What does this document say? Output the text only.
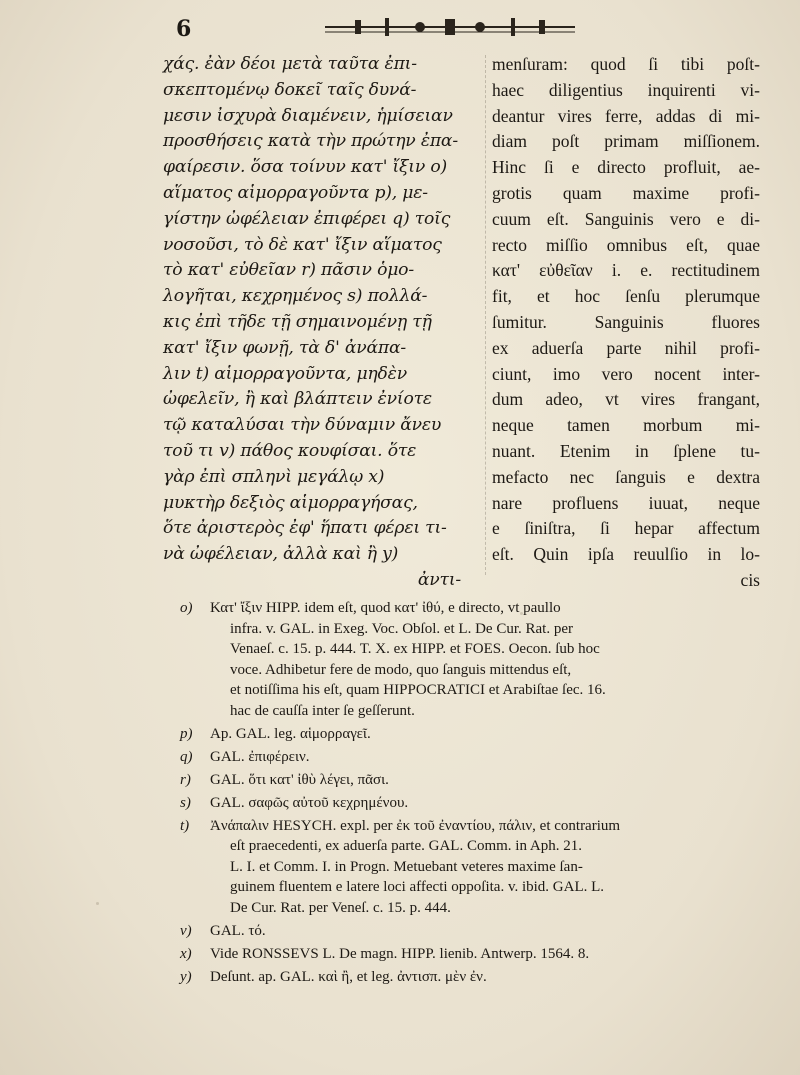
6
χάς. ἐὰν δέοι μετὰ ταῦτα ἐπι-
σκεπτομένῳ δοκεῖ ταῖς δυνά-
μεσιν ἰσχυρὰ διαμένειν, ἡμίσειαν
προσθήσεις κατὰ τὴν πρώτην ἐπα-
φαίρεσιν. ὅσα τοίνυν κατ' ἴξιν ο)
αἵματος αἱμορραγοῦντα p), με-
γίστην ὠφέλειαν ἐπιφέρει q) τοῖς
νοσοῦσι, τὸ δὲ κατ' ἴξιν αἵματος
τὸ κατ' εὐθεῖαν r) πᾶσιν ὁμο-
λογῆται, κεχρημένος s) πολλά-
κις ἐπὶ τῆδε τῇ σημαινομένῃ τῇ
κατ' ἴξιν φωνῇ, τὰ δ' ἀνάπα-
λιν t) αἱμορραγοῦντα, μηδὲν
ὠφελεῖν, ἢ καὶ βλάπτειν ἐνίοτε
τῷ καταλύσαι τὴν δύναμιν ἄνευ
τοῦ τι v) πάθος κουφίσαι. ὅτε
γὰρ ἐπὶ σπληνὶ μεγάλῳ x)
μυκτὴρ δεξιὸς αἱμορραγήσας,
ὅτε ἀριστερὸς ἐφ' ἥπατι φέρει τι-
νὰ ὠφέλειαν, ἀλλὰ καὶ ἢ y)
ἀντι-
menſuram: quod ſi tibi poſt-
haec diligentius inquirenti vi-
deantur vires ferre, addas di mi-
diam poſt primam miſſionem.
Hinc ſi e directo profluit, ae-
grotis quam maxime profi-
cuum eſt. Sanguinis vero e di-
recto miſſio omnibus eſt, quae
κατ' εὐθεῖαν i. e. rectitudinem
fit, et hoc ſenſu plerumque
ſumitur. Sanguinis fluores
ex aduerſa parte nihil profi-
ciunt, imo vero nocent inter-
dum adeo, vt vires frangant,
neque tamen morbum mi-
nuant. Etenim in ſplene tu-
mefacto nec ſanguis e dextra
nare profluens iuuat, neque
e ſiniſtra, ſi hepar affectum
eſt. Quin ipſa reuulſio in lo-
cis
o)	Κατ' ἴξιν HIPP. idem eſt, quod κατ' ἰθύ, e directo, vt paullo
infra. v. GAL. in Exeg. Voc. Obſol. et L. De Cur. Rat. per
Venaeſ. c. 15. p. 444. T. X. ex HIPP. et FOES. Oecon. ſub hoc
voce. Adhibetur fere de modo, quo ſanguis mittendus eſt,
et notiſſima his eſt, quam HIPPOCRATICI et Arabiſtae ſec. 16.
hac de cauſſa inter ſe geſſerunt.
p)	Ap. GAL. leg. αἱμορραγεῖ.
q)	GAL. ἐπιφέρειν.
r)	GAL. ὅτι κατ' ἰθὺ λέγει, πᾶσι.
s)	GAL. σαφῶς αὐτοῦ κεχρημένου.
t)	Ἀνάπαλιν HESYCH. expl. per ἐκ τοῦ ἐναντίου, πάλιν, et contrarium
eſt praecedenti, ex aduerſa parte. GAL. Comm. in Aph. 21.
L. I. et Comm. I. in Progn. Metuebant veteres maxime ſan-
guinem fluentem e latere loci affecti oppoſita. v. ibid. GAL. L.
De Cur. Rat. per Veneſ. c. 15. p. 444.
v)	GAL. τό.
x)	Vide RONSSEVS L. De magn. HIPP. lienib. Antwerp. 1564. 8.
y)	Deſunt. ap. GAL. καὶ ἢ, et leg. ἀντισπ. μὲν ἐν.
